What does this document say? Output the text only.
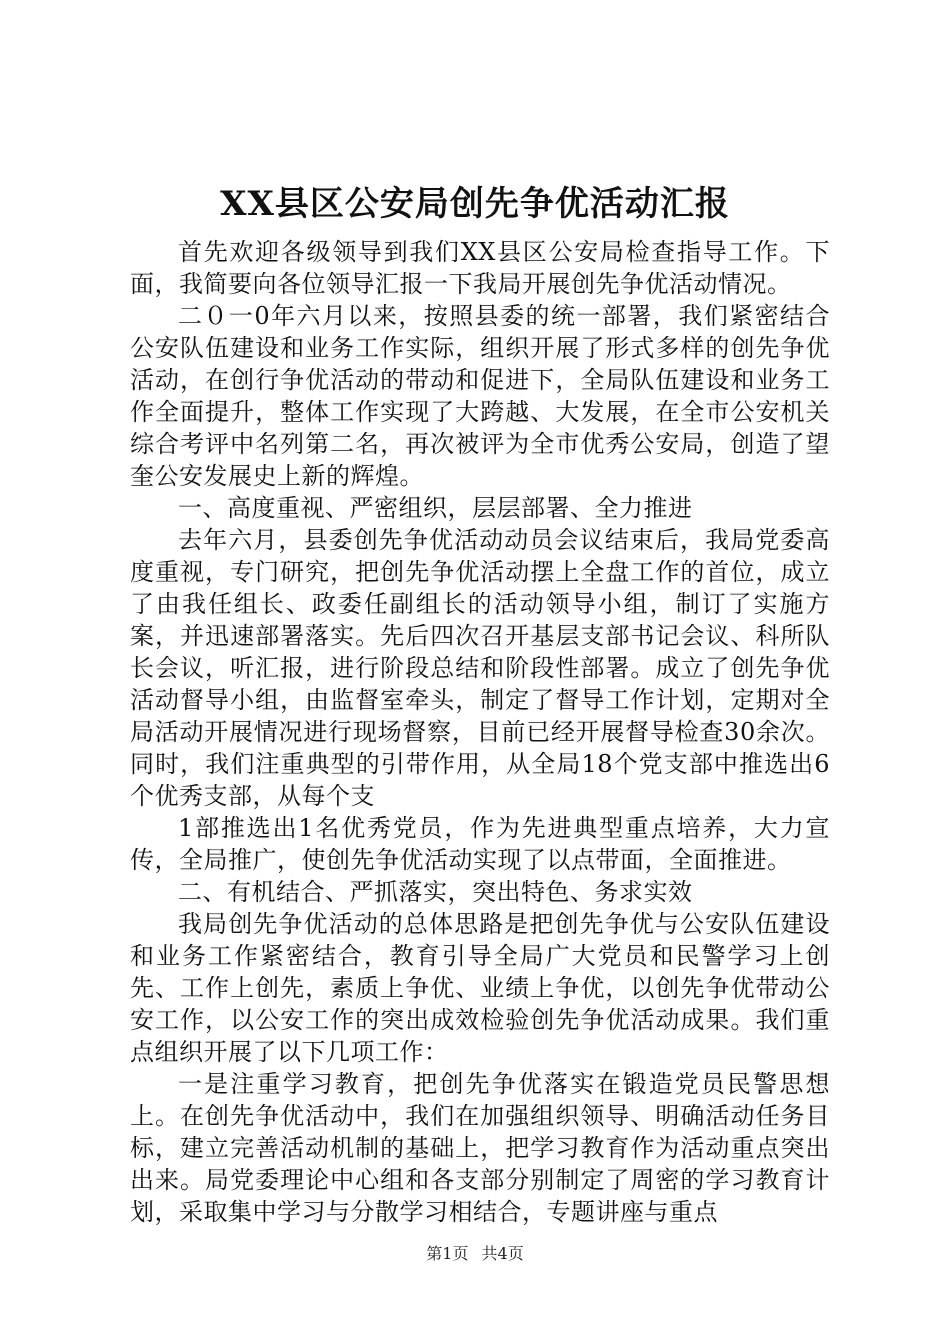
XX县区公安局创先争优活动汇报

首先欢迎各级领导到我们XX县区公安局检查指导工作。下面，我简要向各位领导汇报一下我局开展创先争优活动情况。

二０一0年六月以来，按照县委的统一部署，我们紧密结合公安队伍建设和业务工作实际，组织开展了形式多样的创先争优活动，在创行争优活动的带动和促进下，全局队伍建设和业务工作全面提升，整体工作实现了大跨越、大发展，在全市公安机关综合考评中名列第二名，再次被评为全市优秀公安局，创造了望奎公安发展史上新的辉煌。

一、高度重视、严密组织，层层部署、全力推进

去年六月，县委创先争优活动动员会议结束后，我局党委高度重视，专门研究，把创先争优活动摆上全盘工作的首位，成立了由我任组长、政委任副组长的活动领导小组，制订了实施方案，并迅速部署落实。先后四次召开基层支部书记会议、科所队长会议，听汇报，进行阶段总结和阶段性部署。成立了创先争优活动督导小组，由监督室牵头，制定了督导工作计划，定期对全局活动开展情况进行现场督察，目前已经开展督导检查30余次。同时，我们注重典型的引带作用，从全局18个党支部中推选出6个优秀支部，从每个支

1部推选出1名优秀党员，作为先进典型重点培养，大力宣传，全局推广，使创先争优活动实现了以点带面，全面推进。

二、有机结合、严抓落实，突出特色、务求实效

我局创先争优活动的总体思路是把创先争优与公安队伍建设和业务工作紧密结合，教育引导全局广大党员和民警学习上创先、工作上创先，素质上争优、业绩上争优，以创先争优带动公安工作，以公安工作的突出成效检验创先争优活动成果。我们重点组织开展了以下几项工作：

一是注重学习教育，把创先争优落实在锻造党员民警思想上。在创先争优活动中，我们在加强组织领导、明确活动任务目标，建立完善活动机制的基础上，把学习教育作为活动重点突出出来。局党委理论中心组和各支部分别制定了周密的学习教育计划，采取集中学习与分散学习相结合，专题讲座与重点

第1页 共4页
